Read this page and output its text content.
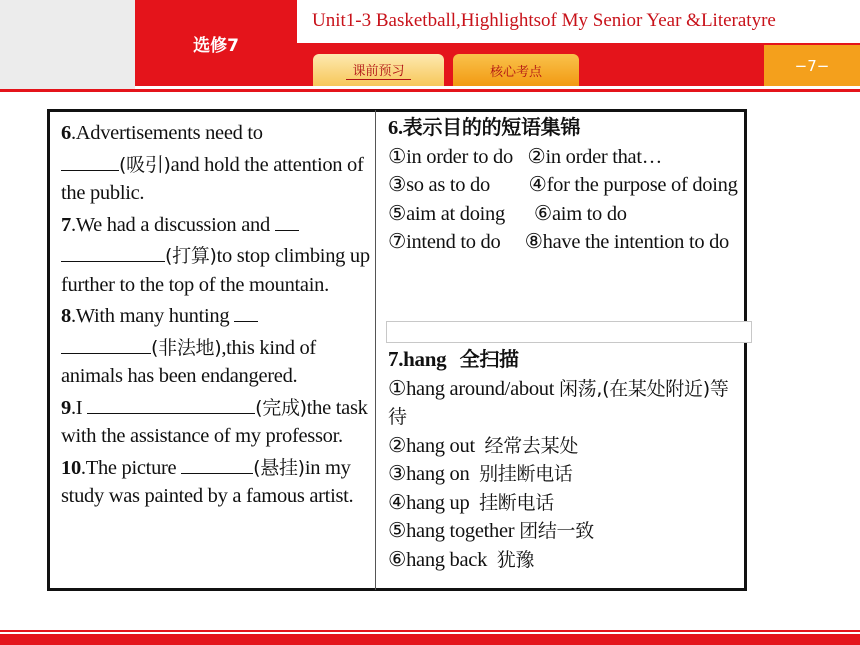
选修7
Unit1-3 Basketball,Highlightsof My Senior Year &Literatyre
课前预习	核心考点	−7−

6.Advertisements need to
(吸引)and hold the attention of the public.

7.We had a discussion and
(打算)to stop climbing up further to the top of the mountain.

8.With many hunting
(非法地),this kind of animals has been endangered.

9.I	(完成)the task with the assistance of my professor.

10.The picture	(悬挂)in my study was painted by a famous artist.

6.表示目的的短语集锦

①in order to do ②in order that…
③so as to do ④for the purpose of doing
⑤aim at doing ⑥aim to do
⑦intend to do ⑧have the intention to do

7.hang 全扫描

①hang around/about 闲荡,(在某处附近)等待

②hang out 经常去某处

③hang on 别挂断电话

④hang up 挂断电话

⑤hang together 团结一致

⑥hang back 犹豫
